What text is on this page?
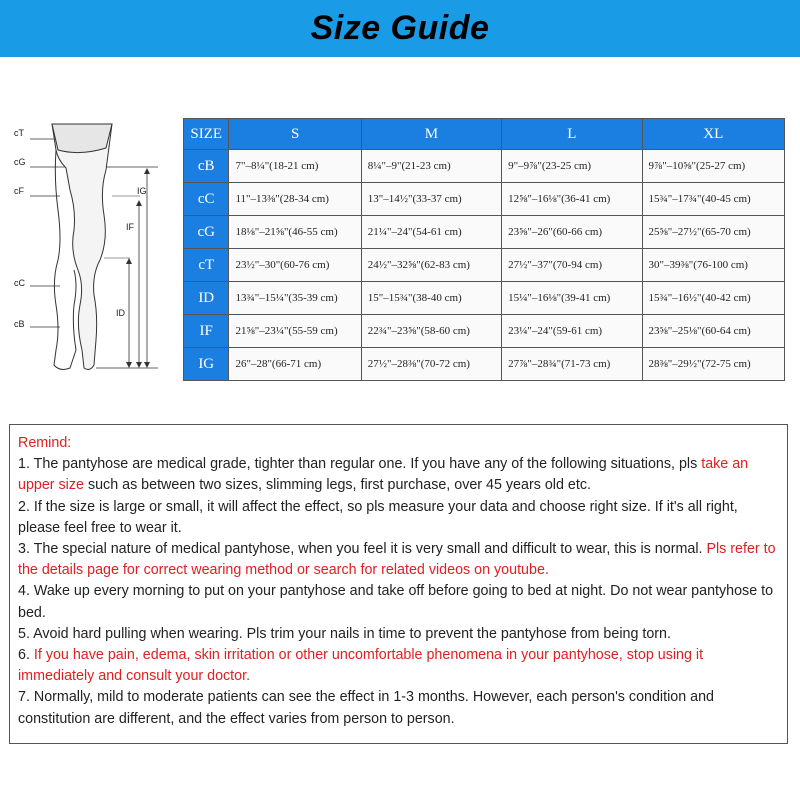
Size Guide
cT
cG
cF
cC
cB
IG
IF
ID
SIZE	S	M	L	XL
cB	7"–8¼"(18-21 cm)	8¼"–9"(21-23 cm)	9"–9⅞"(23-25 cm)	9⅞"–10⅝"(25-27 cm)
cC	11"–13⅜"(28-34 cm)	13"–14½"(33-37 cm)	12⅝"–16⅛"(36-41 cm)	15¾"–17¾"(40-45 cm)
cG	18⅛"–21⅝"(46-55 cm)	21¼"–24"(54-61 cm)	23⅝"–26"(60-66 cm)	25⅝"–27½"(65-70 cm)
cT	23½"–30"(60-76 cm)	24½"–32⅝"(62-83 cm)	27½"–37"(70-94 cm)	30"–39⅜"(76-100 cm)
ID	13¾"–15¼"(35-39 cm)	15"–15¾"(38-40 cm)	15¼"–16⅛"(39-41 cm)	15¾"–16½"(40-42 cm)
IF	21⅝"–23¼"(55-59 cm)	22¾"–23⅝"(58-60 cm)	23¼"–24"(59-61 cm)	23⅝"–25⅛"(60-64 cm)
IG	26"–28"(66-71 cm)	27½"–28⅜"(70-72 cm)	27⅞"–28¾"(71-73 cm)	28⅜"–29½"(72-75 cm)

Remind:

1. The pantyhose are medical grade, tighter than regular one. If you have any of the following situations, pls take an upper size such as between two sizes, slimming legs, first purchase, over 45 years old etc.

2. If the size is large or small, it will affect the effect, so pls measure your data and choose right size. If it's all right, please feel free to wear it.

3. The special nature of medical pantyhose, when you feel it is very small and difficult to wear, this is normal. Pls refer to the details page for correct wearing method or search for related videos on youtube.

4. Wake up every morning to put on your pantyhose and take off before going to bed at night. Do not wear pantyhose to bed.

5. Avoid hard pulling when wearing. Pls trim your nails in time to prevent the pantyhose from being torn.

6. If you have pain, edema, skin irritation or other uncomfortable phenomena in your pantyhose, stop using it immediately and consult your doctor.

7. Normally, mild to moderate patients can see the effect in 1-3 months. However, each person's condition and constitution are different, and the effect varies from person to person.
